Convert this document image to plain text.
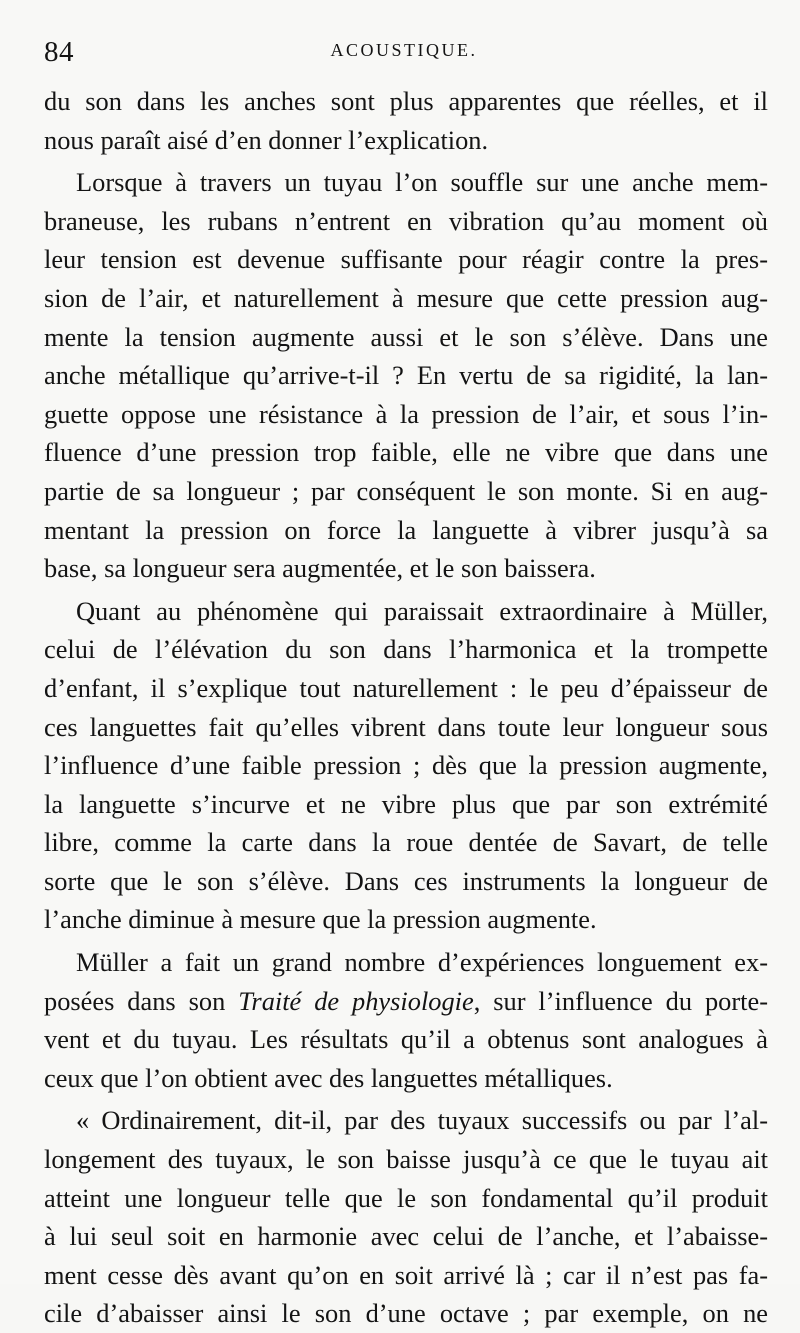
84	ACOUSTIQUE.
du son dans les anches sont plus apparentes que réelles, et il
nous paraît aisé d’en donner l’explication.
Lorsque à travers un tuyau l’on souffle sur une anche mem-
braneuse, les rubans n’entrent en vibration qu’au moment où
leur tension est devenue suffisante pour réagir contre la pres-
sion de l’air, et naturellement à mesure que cette pression aug-
mente la tension augmente aussi et le son s’élève. Dans une
anche métallique qu’arrive-t-il ? En vertu de sa rigidité, la lan-
guette oppose une résistance à la pression de l’air, et sous l’in-
fluence d’une pression trop faible, elle ne vibre que dans une
partie de sa longueur ; par conséquent le son monte. Si en aug-
mentant la pression on force la languette à vibrer jusqu’à sa
base, sa longueur sera augmentée, et le son baissera.
Quant au phénomène qui paraissait extraordinaire à Müller,
celui de l’élévation du son dans l’harmonica et la trompette
d’enfant, il s’explique tout naturellement : le peu d’épaisseur de
ces languettes fait qu’elles vibrent dans toute leur longueur sous
l’influence d’une faible pression ; dès que la pression augmente,
la languette s’incurve et ne vibre plus que par son extrémité
libre, comme la carte dans la roue dentée de Savart, de telle
sorte que le son s’élève. Dans ces instruments la longueur de
l’anche diminue à mesure que la pression augmente.
Müller a fait un grand nombre d’expériences longuement ex-
posées dans son Traité de physiologie, sur l’influence du porte-
vent et du tuyau. Les résultats qu’il a obtenus sont analogues à
ceux que l’on obtient avec des languettes métalliques.
« Ordinairement, dit-il, par des tuyaux successifs ou par l’al-
longement des tuyaux, le son baisse jusqu’à ce que le tuyau ait
atteint une longueur telle que le son fondamental qu’il produit
à lui seul soit en harmonie avec celui de l’anche, et l’abaisse-
ment cesse dès avant qu’on en soit arrivé là ; car il n’est pas fa-
cile d’abaisser ainsi le son d’une octave ; par exemple, on ne
